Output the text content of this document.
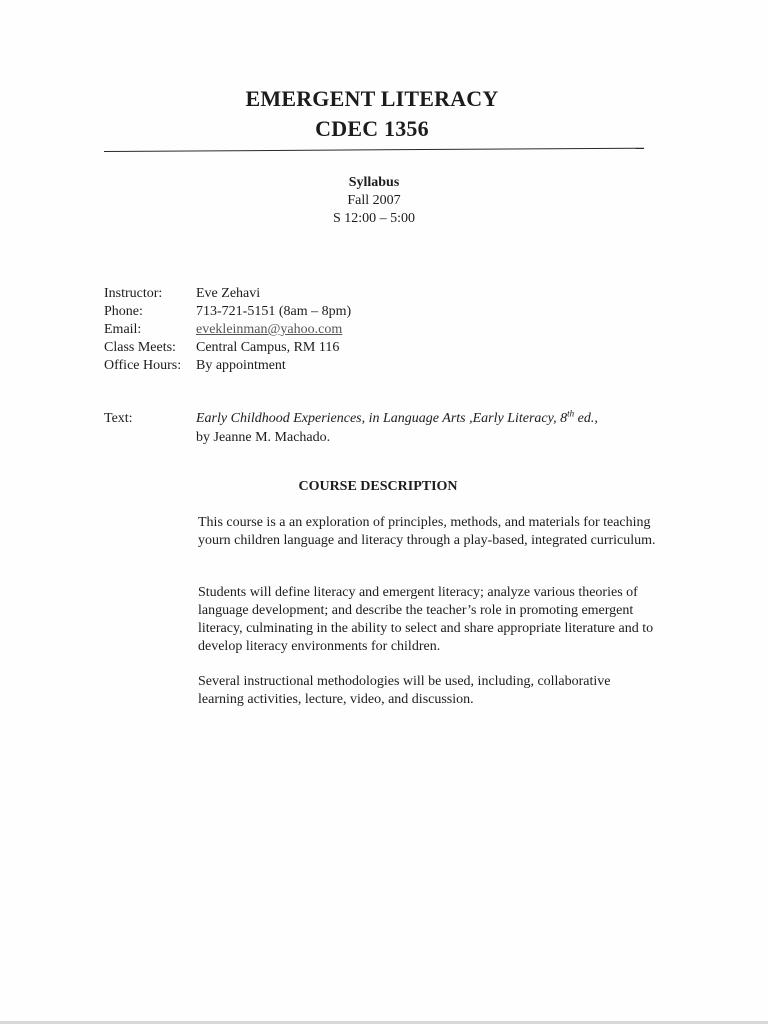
EMERGENT LITERACY
CDEC 1356
Syllabus
Fall 2007
S 12:00 – 5:00
Instructor:	Eve Zehavi
Phone:	713-721-5151 (8am – 8pm)
Email:	evekleinman@yahoo.com
Class Meets:	Central Campus, RM 116
Office Hours:	By appointment
Text:	Early Childhood Experiences, in Language Arts ,Early Literacy, 8th ed.,
by Jeanne M. Machado.
COURSE DESCRIPTION
This course is a an exploration of principles, methods, and materials for teaching yourn children language and literacy through a play-based, integrated curriculum.
Students will define literacy and emergent literacy; analyze various theories of language development; and describe the teacher’s role in promoting emergent literacy, culminating in the ability to select and share appropriate literature and to develop literacy environments for children.
Several instructional methodologies will be used, including, collaborative learning activities, lecture, video, and discussion.
